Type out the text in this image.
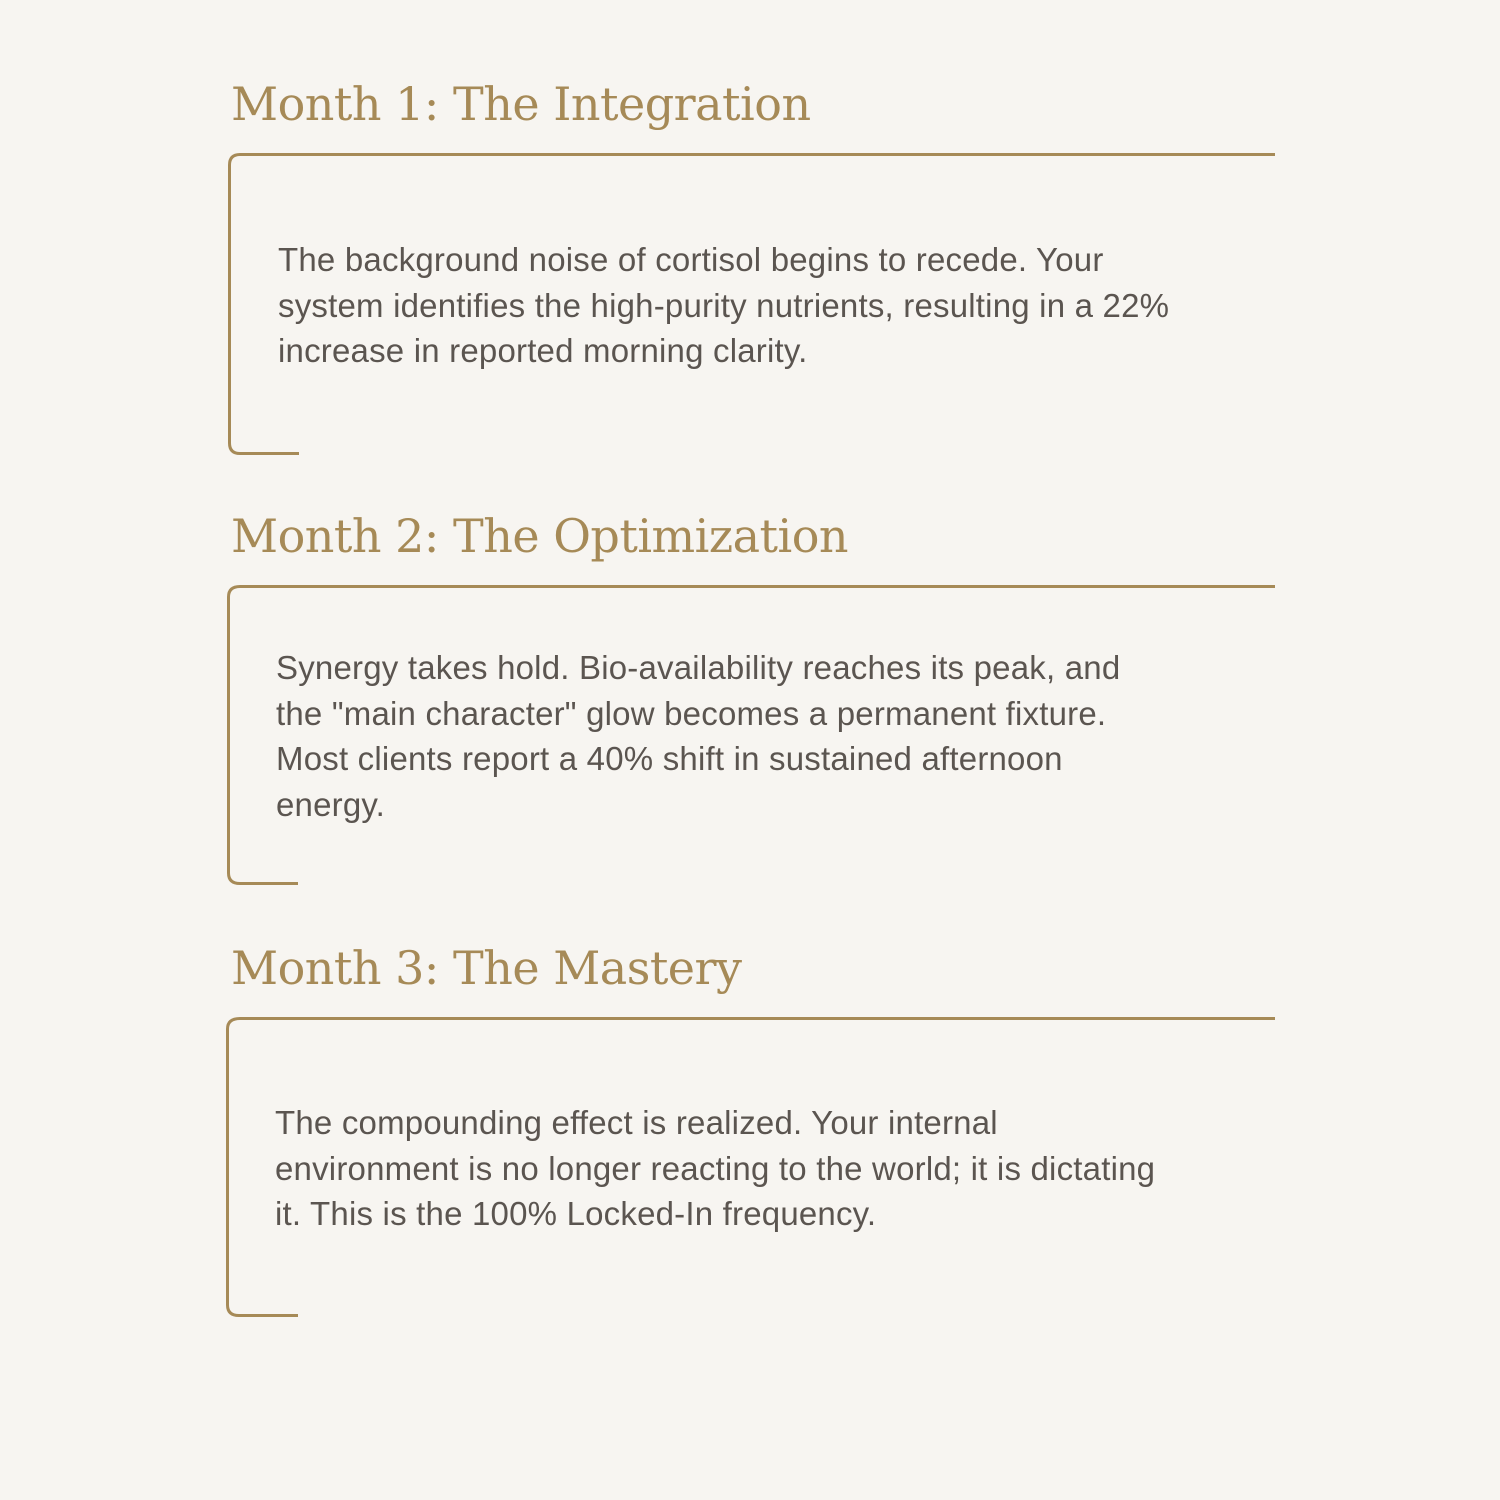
Month 1: The Integration

The background noise of cortisol begins to recede. Your system identifies the high-purity nutrients, resulting in a 22% increase in reported morning clarity.

Month 2: The Optimization

Synergy takes hold. Bio-availability reaches its peak, and the "main character" glow becomes a permanent fixture. Most clients report a 40% shift in sustained afternoon energy.

Month 3: The Mastery

The compounding effect is realized. Your internal environment is no longer reacting to the world; it is dictating it. This is the 100% Locked-In frequency.
